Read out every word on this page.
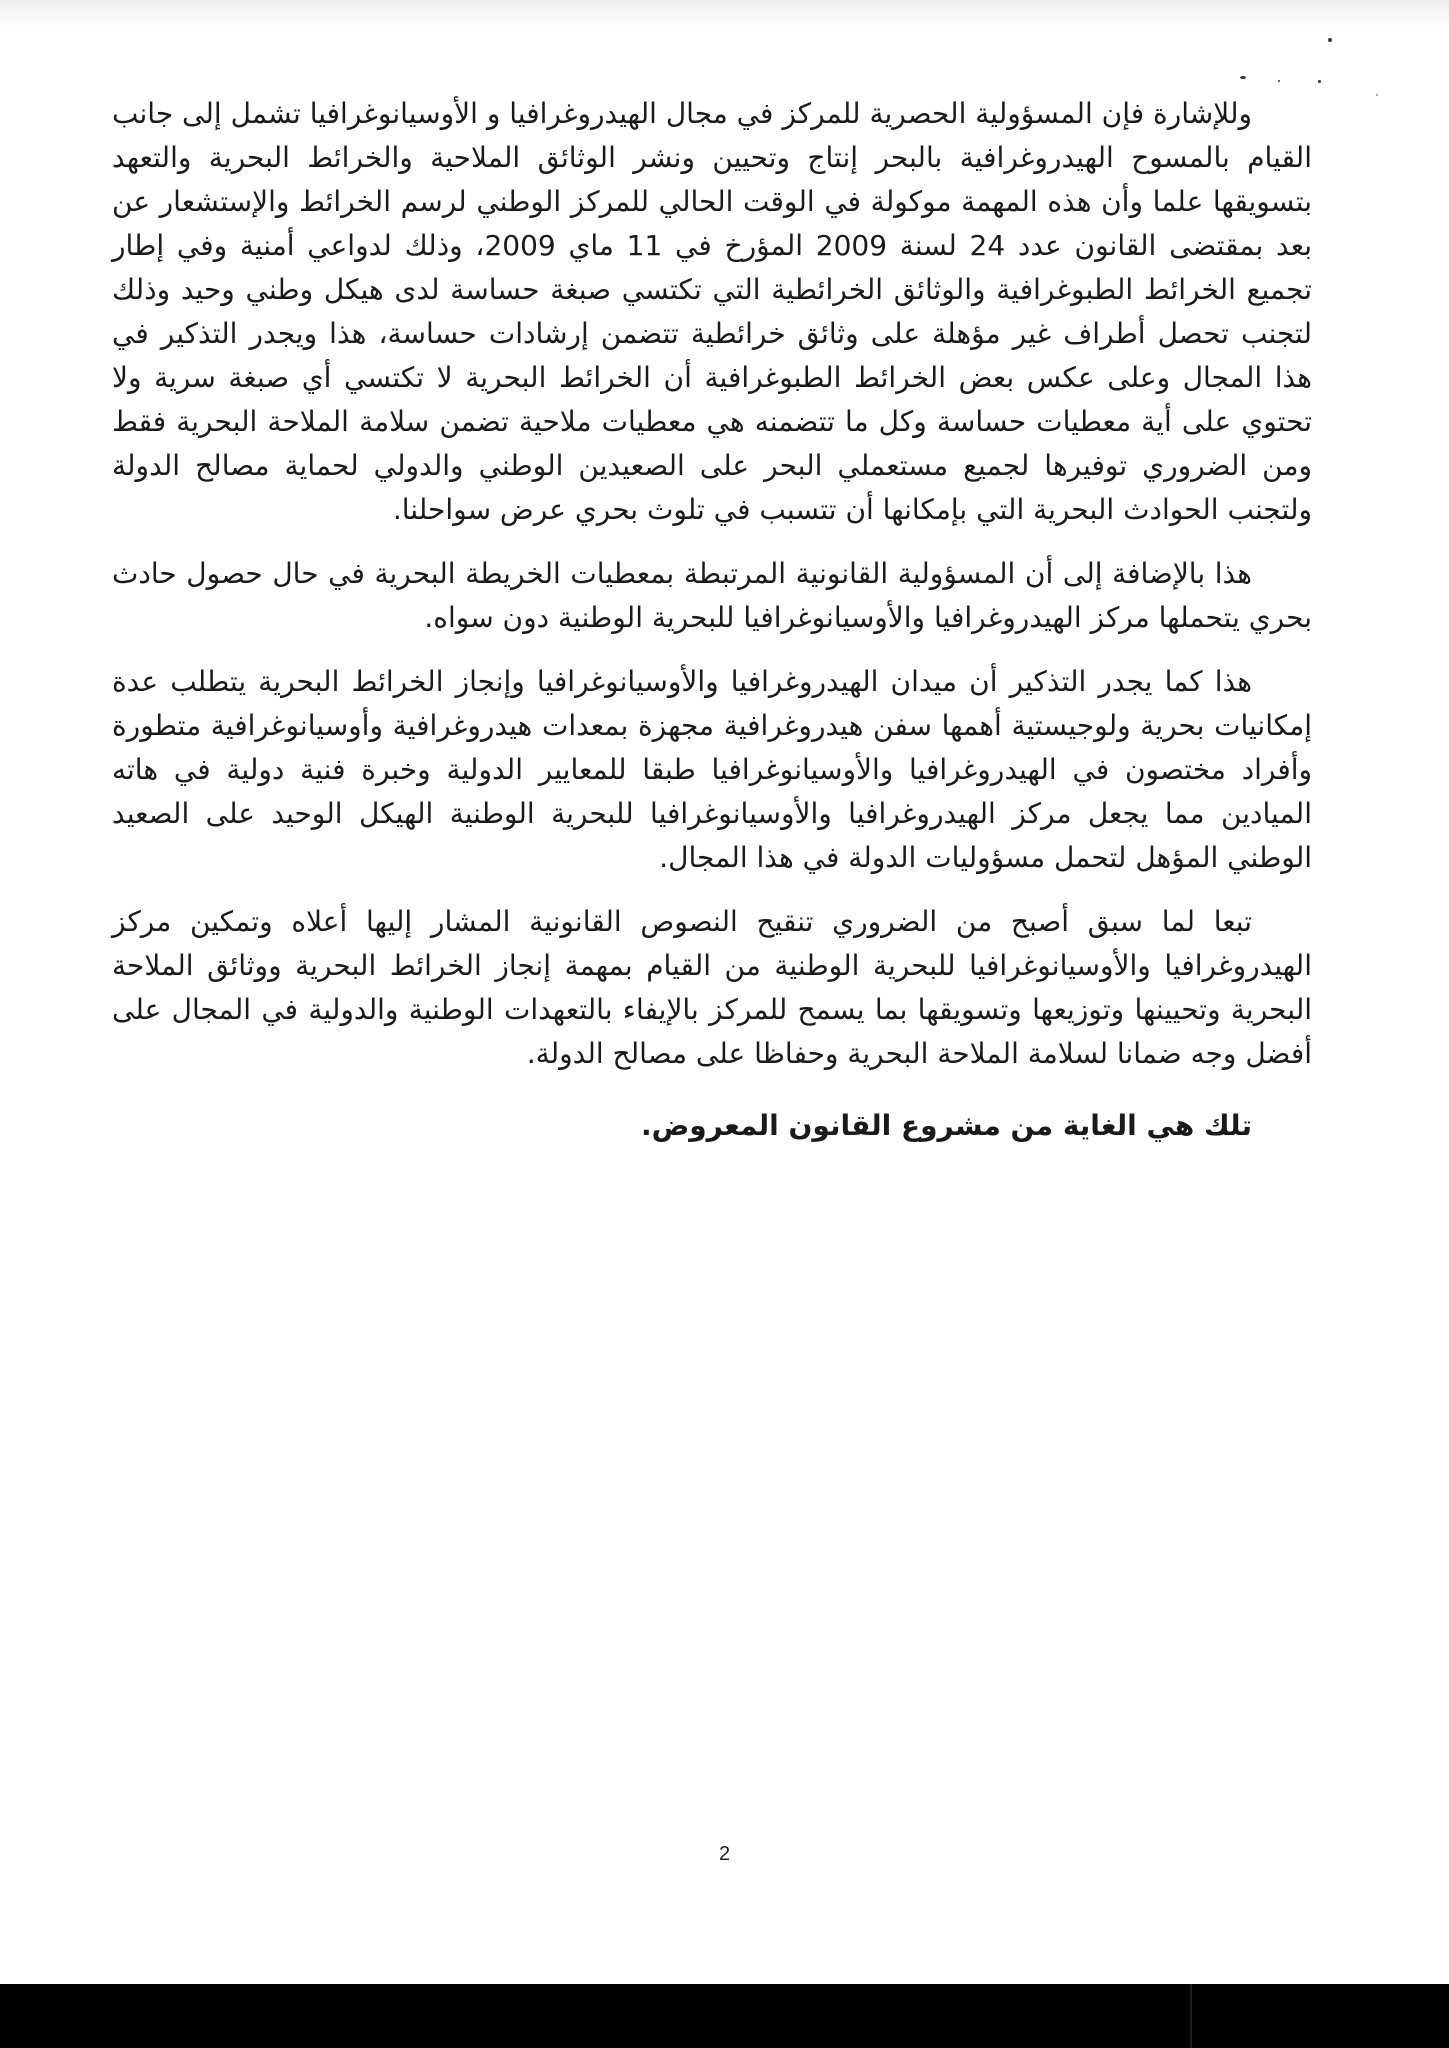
وللإشارة فإن المسؤولية الحصرية للمركز في مجال الهيدروغرافيا و الأوسيانوغرافيا تشمل إلى جانب القيام بالمسوح الهيدروغرافية بالبحر إنتاج وتحيين ونشر الوثائق الملاحية والخرائط البحرية والتعهد بتسويقها علما وأن هذه المهمة موكولة في الوقت الحالي للمركز الوطني لرسم الخرائط والإستشعار عن بعد بمقتضى القانون عدد 24 لسنة 2009 المؤرخ في 11 ماي 2009، وذلك لدواعي أمنية وفي إطار تجميع الخرائط الطبوغرافية والوثائق الخرائطية التي تكتسي صبغة حساسة لدى هيكل وطني وحيد وذلك لتجنب تحصل أطراف غير مؤهلة على وثائق خرائطية تتضمن إرشادات حساسة، هذا ويجدر التذكير في هذا المجال وعلى عكس بعض الخرائط الطبوغرافية أن الخرائط البحرية لا تكتسي أي صبغة سرية ولا تحتوي على أية معطيات حساسة وكل ما تتضمنه هي معطيات ملاحية تضمن سلامة الملاحة البحرية فقط ومن الضروري توفيرها لجميع مستعملي البحر على الصعيدين الوطني والدولي لحماية مصالح الدولة ولتجنب الحوادث البحرية التي بإمكانها أن تتسبب في تلوث بحري عرض سواحلنا.

هذا بالإضافة إلى أن المسؤولية القانونية المرتبطة بمعطيات الخريطة البحرية في حال حصول حادث بحري يتحملها مركز الهيدروغرافيا والأوسيانوغرافيا للبحرية الوطنية دون سواه.

هذا كما يجدر التذكير أن ميدان الهيدروغرافيا والأوسيانوغرافيا وإنجاز الخرائط البحرية يتطلب عدة إمكانيات بحرية ولوجيستية أهمها سفن هيدروغرافية مجهزة بمعدات هيدروغرافية وأوسيانوغرافية متطورة وأفراد مختصون في الهيدروغرافيا والأوسيانوغرافيا طبقا للمعايير الدولية وخبرة فنية دولية في هاته الميادين مما يجعل مركز الهيدروغرافيا والأوسيانوغرافيا للبحرية الوطنية الهيكل الوحيد على الصعيد الوطني المؤهل لتحمل مسؤوليات الدولة في هذا المجال.

تبعا لما سبق أصبح من الضروري تنقيح النصوص القانونية المشار إليها أعلاه وتمكين مركز الهيدروغرافيا والأوسيانوغرافيا للبحرية الوطنية من القيام بمهمة إنجاز الخرائط البحرية ووثائق الملاحة البحرية وتحيينها وتوزيعها وتسويقها بما يسمح للمركز بالإيفاء بالتعهدات الوطنية والدولية في المجال على أفضل وجه ضمانا لسلامة الملاحة البحرية وحفاظا على مصالح الدولة.

تلك هي الغاية من مشروع القانون المعروض.

2
